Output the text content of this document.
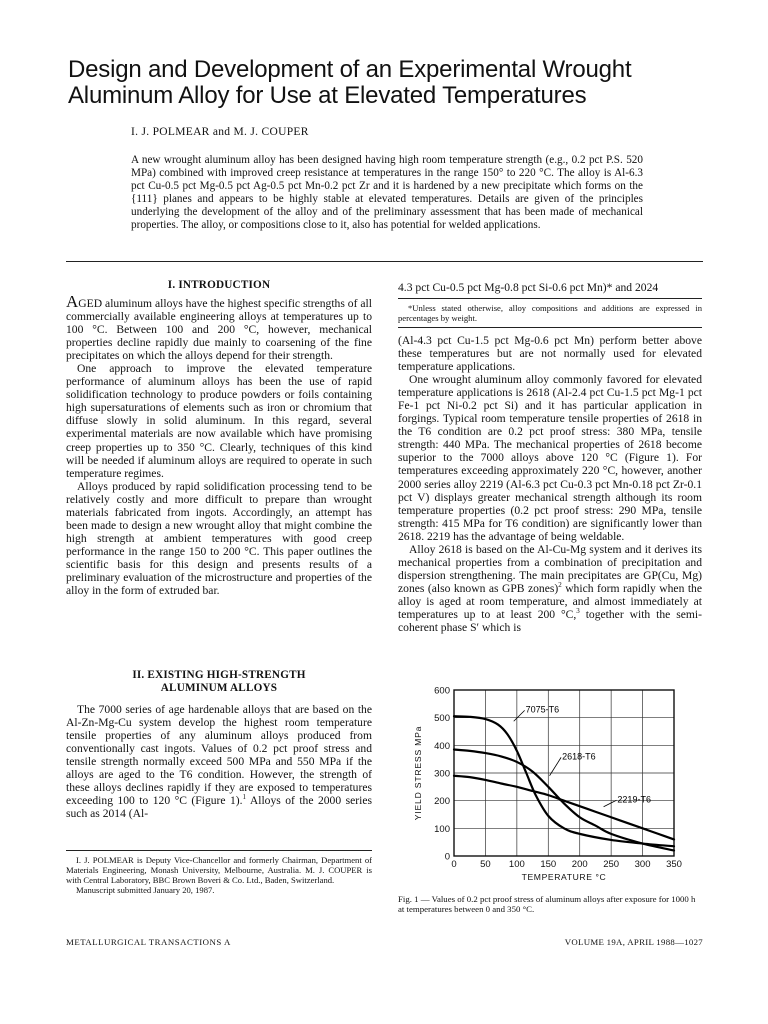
Design and Development of an Experimental Wrought
Aluminum Alloy for Use at Elevated Temperatures
I. J. POLMEAR and M. J. COUPER
A new wrought aluminum alloy has been designed having high room temperature strength (e.g., 0.2 pct P.S. 520 MPa) combined with improved creep resistance at temperatures in the range 150° to 220 °C. The alloy is Al-6.3 pct Cu-0.5 pct Mg-0.5 pct Ag-0.5 pct Mn-0.2 pct Zr and it is hardened by a new precipitate which forms on the {111} planes and appears to be highly stable at elevated temperatures. Details are given of the principles underlying the development of the alloy and of the preliminary assessment that has been made of mechanical properties. The alloy, or compositions close to it, also has potential for welded applications.
I. INTRODUCTION

AGED aluminum alloys have the highest specific strengths of all commercially available engineering alloys at temperatures up to 100 °C. Between 100 and 200 °C, however, mechanical properties decline rapidly due mainly to coarsening of the fine precipitates on which the alloys depend for their strength.

One approach to improve the elevated temperature performance of aluminum alloys has been the use of rapid solidification technology to produce powders or foils containing high supersaturations of elements such as iron or chromium that diffuse slowly in solid aluminum. In this regard, several experimental materials are now available which have promising creep properties up to 350 °C. Clearly, techniques of this kind will be needed if aluminum alloys are required to operate in such temperature regimes.

Alloys produced by rapid solidification processing tend to be relatively costly and more difficult to prepare than wrought materials fabricated from ingots. Accordingly, an attempt has been made to design a new wrought alloy that might combine the high strength at ambient temperatures with good creep performance in the range 150 to 200 °C. This paper outlines the scientific basis for this design and presents results of a preliminary evaluation of the microstructure and properties of the alloy in the form of extruded bar.

II. EXISTING HIGH-STRENGTH
ALUMINUM ALLOYS

The 7000 series of age hardenable alloys that are based on the Al-Zn-Mg-Cu system develop the highest room temperature tensile properties of any aluminum alloys produced from conventionally cast ingots. Values of 0.2 pct proof stress and tensile strength normally exceed 500 MPa and 550 MPa if the alloys are aged to the T6 condition. However, the strength of these alloys declines rapidly if they are exposed to temperatures exceeding 100 to 120 °C (Figure 1).$^1$ Alloys of the 2000 series such as 2014 (Al-

I. J. POLMEAR is Deputy Vice-Chancellor and formerly Chairman, Department of Materials Engineering, Monash University, Melbourne, Australia. M. J. COUPER is with Central Laboratory, BBC Brown Boveri & Co. Ltd., Baden, Switzerland.

Manuscript submitted January 20, 1987.

4.3 pct Cu-0.5 pct Mg-0.8 pct Si-0.6 pct Mn)* and 2024

*Unless stated otherwise, alloy compositions and additions are expressed in percentages by weight.

(Al-4.3 pct Cu-1.5 pct Mg-0.6 pct Mn) perform better above these temperatures but are not normally used for elevated temperature applications.

One wrought aluminum alloy commonly favored for elevated temperature applications is 2618 (Al-2.4 pct Cu-1.5 pct Mg-1 pct Fe-1 pct Ni-0.2 pct Si) and it has particular application in forgings. Typical room temperature tensile properties of 2618 in the T6 condition are 0.2 pct proof stress: 380 MPa, tensile strength: 440 MPa. The mechanical properties of 2618 become superior to the 7000 alloys above 120 °C (Figure 1). For temperatures exceeding approximately 220 °C, however, another 2000 series alloy 2219 (Al-6.3 pct Cu-0.3 pct Mn-0.18 pct Zr-0.1 pct V) displays greater mechanical strength although its room temperature properties (0.2 pct proof stress: 290 MPa, tensile strength: 415 MPa for T6 condition) are significantly lower than 2618. 2219 has the advantage of being weldable.

Alloy 2618 is based on the Al-Cu-Mg system and it derives its mechanical properties from a combination of precipitation and dispersion strengthening. The main precipitates are GP(Cu, Mg) zones (also known as GPB zones)$^2$ which form rapidly when the alloy is aged at room temperature, and almost immediately at temperatures up to at least 200 °C,$^3$ together with the semi-coherent phase S′ which is

0 50 100 150 200 250 300 350
0
100
200
300
400
500
600
TEMPERATURE °C
YIELD STRESS MPa
7075-T6
2618-T6
2219-T6
Fig. 1 — Values of 0.2 pct proof stress of aluminum alloys after exposure for 1000 h at temperatures between 0 and 350 °C.
METALLURGICAL TRANSACTIONS A	VOLUME 19A, APRIL 1988—1027
